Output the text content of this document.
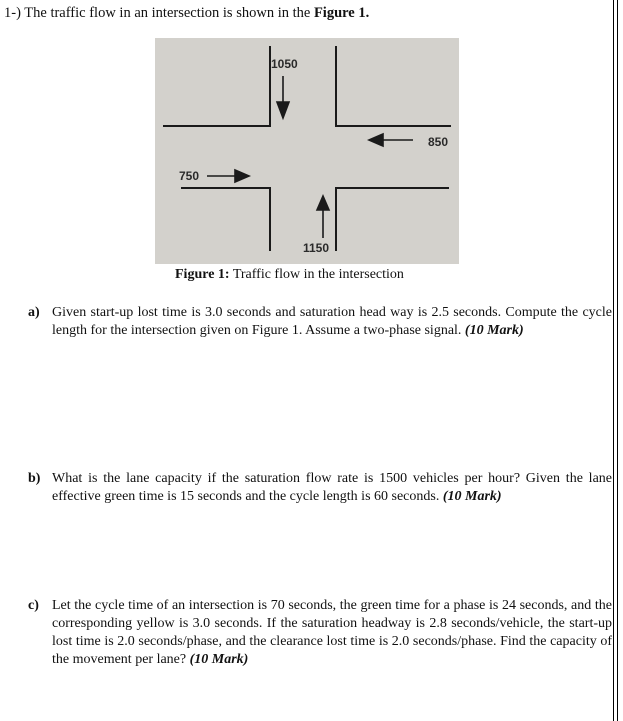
1-) The traffic flow in an intersection is shown in the Figure 1.
1050
850
750
1150
Figure 1: Traffic flow in the intersection
a) Given start-up lost time is 3.0 seconds and saturation head way is 2.5 seconds. Compute the cycle length for the intersection given on Figure 1. Assume a two-phase signal. (10 Mark)
b) What is the lane capacity if the saturation flow rate is 1500 vehicles per hour? Given the lane effective green time is 15 seconds and the cycle length is 60 seconds. (10 Mark)
c) Let the cycle time of an intersection is 70 seconds, the green time for a phase is 24 seconds, and the corresponding yellow is 3.0 seconds. If the saturation headway is 2.8 seconds/vehicle, the start-up lost time is 2.0 seconds/phase, and the clearance lost time is 2.0 seconds/phase. Find the capacity of the movement per lane? (10 Mark)
